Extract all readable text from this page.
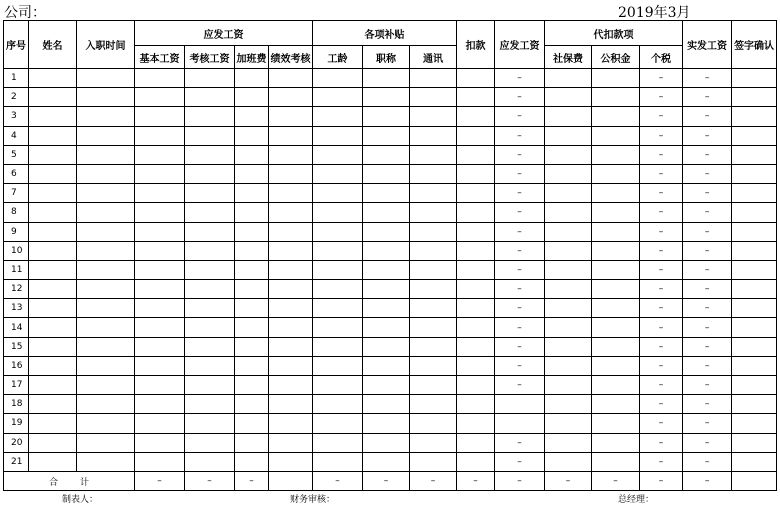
公司：	2019年3月
序号	姓名	入职时间	应发工资				各项补贴			扣款	应发工资	代扣款项			实发工资	签字确认
			基本工资	考核工资	加班费	绩效考核	工龄	职称	通讯			社保费	公积金	个税		
1											–			–	–	
2											–			–	–	
3											–			–	–	
4											–			–	–	
5											–			–	–	
6											–			–	–	
7											–			–	–	
8											–			–	–	
9											–			–	–	
10											–			–	–	
11											–			–	–	
12											–			–	–	
13											–			–	–	
14											–			–	–	
15											–			–	–	
16											–			–	–	
17											–			–	–	
18														–	–	
19														–	–	
20											–			–	–	
21											–			–	–	
合 计			–	–	–		–	–	–	–	–	–	–	–	–	
制表人：	财务审核：	总经理：
